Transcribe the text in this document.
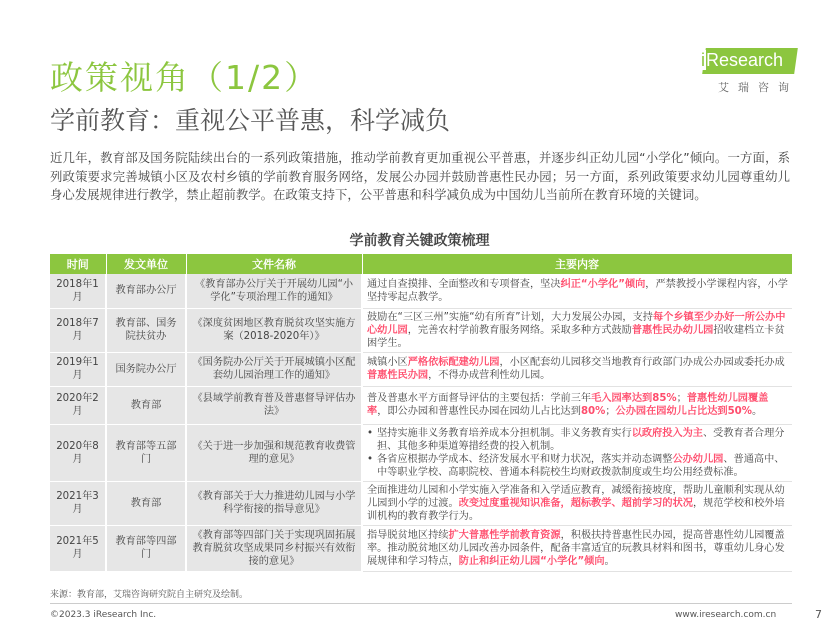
政策视角（1/2）
学前教育：重视公平普惠，科学减负
iResearch
艾瑞咨询
近几年，教育部及国务院陆续出台的一系列政策措施，推动学前教育更加重视公平普惠，并逐步纠正幼儿园“小学化”倾向。一方面，系列政策要求完善城镇小区及农村乡镇的学前教育服务网络，发展公办园并鼓励普惠性民办园；另一方面，系列政策要求幼儿园尊重幼儿身心发展规律进行教学，禁止超前教学。在政策支持下，公平普惠和科学减负成为中国幼儿当前所在教育环境的关键词。
学前教育关键政策梳理
时间	发文单位	文件名称	主要内容
2018年1月	教育部办公厅	《教育部办公厅关于开展幼儿园“小学化”专项治理工作的通知》	通过自查摸排、全面整改和专项督查，坚决纠正“小学化”倾向，严禁教授小学课程内容，小学坚持零起点教学。
2018年7月	教育部、国务院扶贫办	《深度贫困地区教育脱贫攻坚实施方案（2018-2020年）》	鼓励在“三区三州”实施“幼有所育”计划，大力发展公办园，支持每个乡镇至少办好一所公办中心幼儿园，完善农村学前教育服务网络。采取多种方式鼓励普惠性民办幼儿园招收建档立卡贫困学生。
2019年1月	国务院办公厅	《国务院办公厅关于开展城镇小区配套幼儿园治理工作的通知》	城镇小区严格依标配建幼儿园，小区配套幼儿园移交当地教育行政部门办成公办园或委托办成普惠性民办园，不得办成营利性幼儿园。
2020年2月	教育部	《县域学前教育普及普惠督导评估办法》	普及普惠水平方面督导评估的主要包括：学前三年毛入园率达到85%；普惠性幼儿园覆盖率，即公办园和普惠性民办园在园幼儿占比达到80%；公办园在园幼儿占比达到50%。
2020年8月	教育部等五部门	《关于进一步加强和规范教育收费管理的意见》	• 坚持实施非义务教育培养成本分担机制。非义务教育实行以政府投入为主、受教育者合理分担、其他多种渠道筹措经费的投入机制。
• 各省应根据办学成本、经济发展水平和财力状况，落实并动态调整公办幼儿园、普通高中、中等职业学校、高职院校、普通本科院校生均财政拨款制度或生均公用经费标准。

2021年3月	教育部	《教育部关于大力推进幼儿园与小学科学衔接的指导意见》	全面推进幼儿园和小学实施入学准备和入学适应教育，减缓衔接坡度，帮助儿童顺利实现从幼儿园到小学的过渡。改变过度重视知识准备，超标教学、超前学习的状况，规范学校和校外培训机构的教育教学行为。
2021年5月	教育部等四部门	《教育部等四部门关于实现巩固拓展教育脱贫攻坚成果同乡村振兴有效衔接的意见》	指导脱贫地区持续扩大普惠性学前教育资源，积极扶持普惠性民办园，提高普惠性幼儿园覆盖率。推动脱贫地区幼儿园改善办园条件，配备丰富适宜的玩教具材料和图书，尊重幼儿身心发展规律和学习特点，防止和纠正幼儿园“小学化”倾向。
来源：教育部，艾瑞咨询研究院自主研究及绘制。
©2023.3 iResearch Inc.	www.iresearch.com.cn	7
